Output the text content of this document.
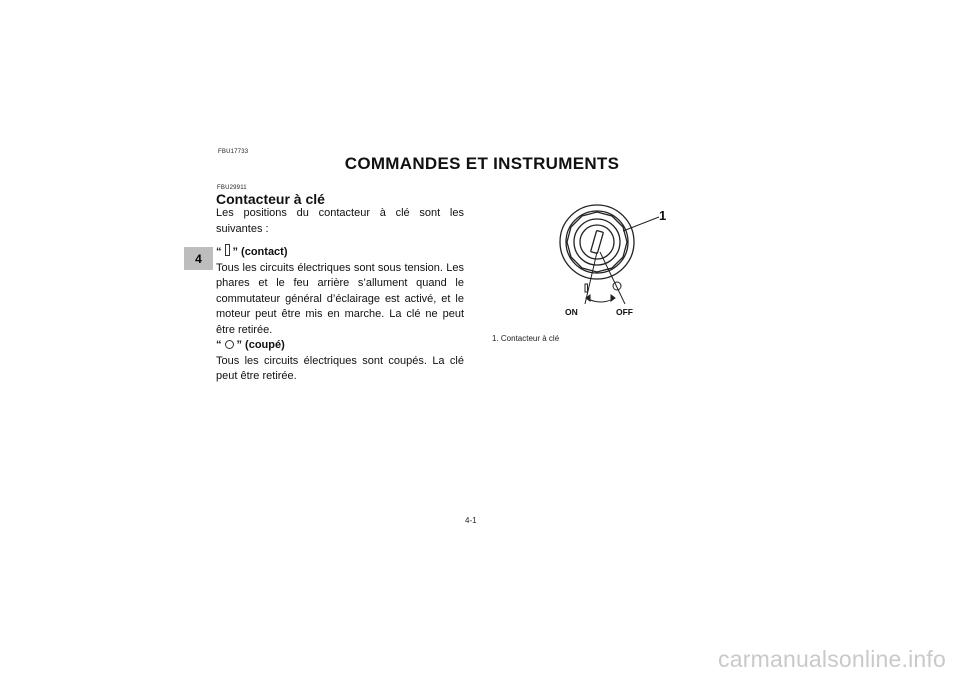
FBU17733
COMMANDES ET INSTRUMENTS
4
FBU29911
Contacteur à clé
Les positions du contacteur à clé sont les suivantes :
“ ” (contact)
Tous les circuits électriques sont sous tension. Les phares et le feu arrière s’allument quand le commutateur général d’éclairage est activé, et le moteur peut être mis en marche. La clé ne peut être retirée.
“ ” (coupé)
Tous les circuits électriques sont coupés. La clé peut être retirée.
1
ON	OFF
1. Contacteur à clé
4-1
carmanualsonline.info
